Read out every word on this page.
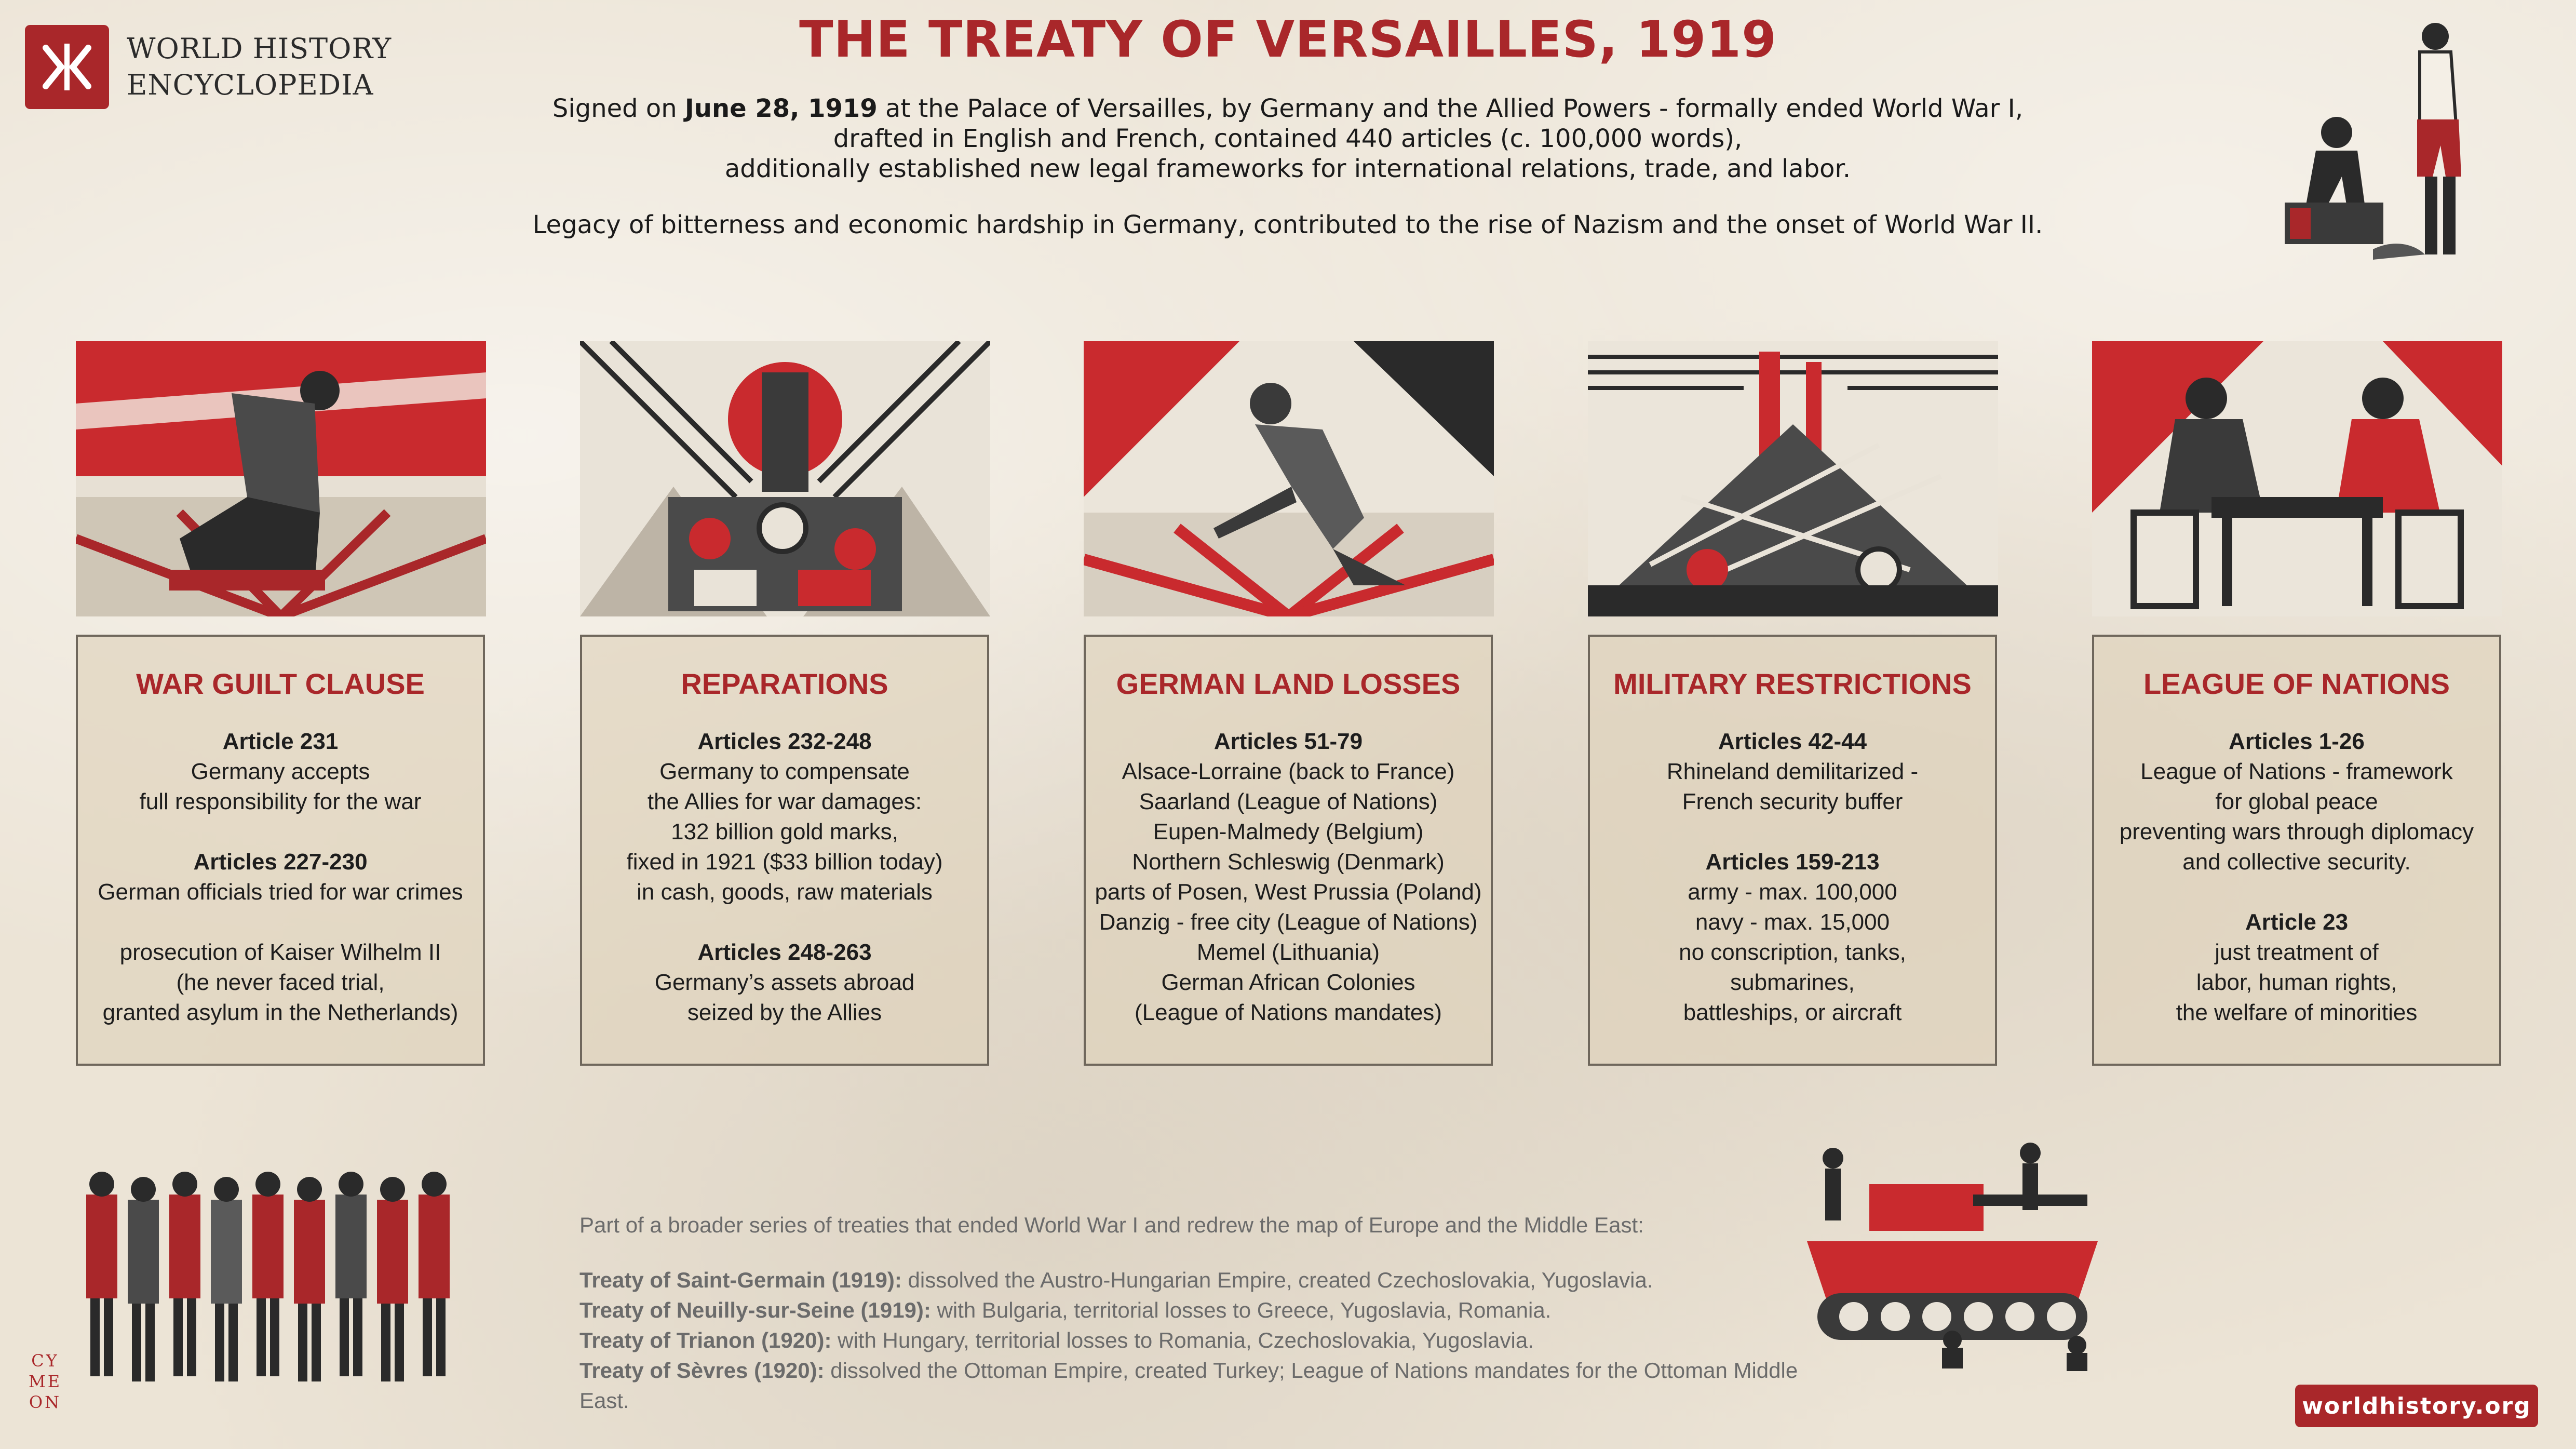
WORLD HISTORY
ENCYCLOPEDIA
THE TREATY OF VERSAILLES, 1919
Signed on June 28, 1919 at the Palace of Versailles, by Germany and the Allied Powers - formally ended World War I,
drafted in English and French, contained 440 articles (c. 100,000 words),
additionally established new legal frameworks for international relations, trade, and labor.
Legacy of bitterness and economic hardship in Germany, contributed to the rise of Nazism and the onset of World War II.
WAR GUILT CLAUSE
Article 231
Germany accepts
full responsibility for the war
Articles 227-230
German officials tried for war crimes
prosecution of Kaiser Wilhelm II
(he never faced trial,
granted asylum in the Netherlands)
REPARATIONS
Articles 232-248
Germany to compensate
the Allies for war damages:
132 billion gold marks,
fixed in 1921 ($33 billion today)
in cash, goods, raw materials
Articles 248-263
Germany’s assets abroad
seized by the Allies
GERMAN LAND LOSSES
Articles 51-79
Alsace-Lorraine (back to France)
Saarland (League of Nations)
Eupen-Malmedy (Belgium)
Northern Schleswig (Denmark)
parts of Posen, West Prussia (Poland)
Danzig - free city (League of Nations)
Memel (Lithuania)
German African Colonies
(League of Nations mandates)
MILITARY RESTRICTIONS
Articles 42-44
Rhineland demilitarized -
French security buffer
Articles 159-213
army - max. 100,000
navy - max. 15,000
no conscription, tanks,
submarines,
battleships, or aircraft
LEAGUE OF NATIONS
Articles 1-26
League of Nations - framework
for global peace
preventing wars through diplomacy
and collective security.
Article 23
just treatment of
labor, human rights,
the welfare of minorities
CYMEON
Part of a broader series of treaties that ended World War I and redrew the map of Europe and the Middle East:
Treaty of Saint-Germain (1919): dissolved the Austro-Hungarian Empire, created Czechoslovakia, Yugoslavia.
Treaty of Neuilly-sur-Seine (1919): with Bulgaria, territorial losses to Greece, Yugoslavia, Romania.
Treaty of Trianon (1920): with Hungary, territorial losses to Romania, Czechoslovakia, Yugoslavia.
Treaty of Sèvres (1920): dissolved the Ottoman Empire, created Turkey; League of Nations mandates for the Ottoman Middle East.	worldhistory.org
